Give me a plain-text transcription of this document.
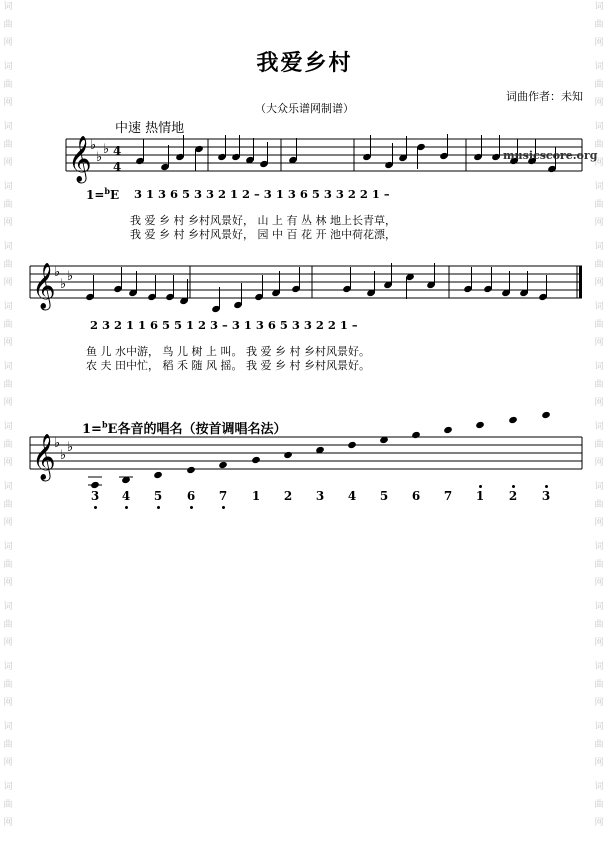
词
曲
网
词
曲
网
词
曲
网
词
曲
网
词
曲
网
词
曲
网
词
曲
网
词
曲
网
词
曲
网
词
曲
网
词
曲
网
词
曲
网
词
曲
网
词
曲
网
词
曲
网
词
曲
网
词
曲
网
词
曲
网
词
曲
网
词
曲
网
词
曲
网
词
曲
网
词
曲
网
词
曲
网
词
曲
网
词
曲
网
词
曲
网
词
曲
网
我爱乡村
词曲作者：未知
（大众乐谱网制谱）
中速 热情地
𝄞
♭
♭
♭ 4
4
𝄞
♭
♭
♭
𝄞
♭
♭
♭
musicscore.org
1=$^b$E 3 1 3 6 5 3 3 2 1 2 – 3 1 3 6 5 3 3 2 2 1 –
我 爱 乡 村 乡村风景好， 山 上 有 丛 林 地上长青草，
我 爱 乡 村 乡村风景好， 园 中 百 花 开 池中荷花漂，
2 3 2 1 1 6 5 5 1 2 3 – 3 1 3 6 5 3 3 2 2 1 –
鱼 儿 水中游， 鸟 儿 树 上 叫。 我 爱 乡 村 乡村风景好。
农 夫 田中忙， 稻 禾 随 风 摇。 我 爱 乡 村 乡村风景好。
1=$^b$E各音的唱名（按首调唱名法）
3	4	5	6	7	1	2	3	4	5	6	7	1	2	3
